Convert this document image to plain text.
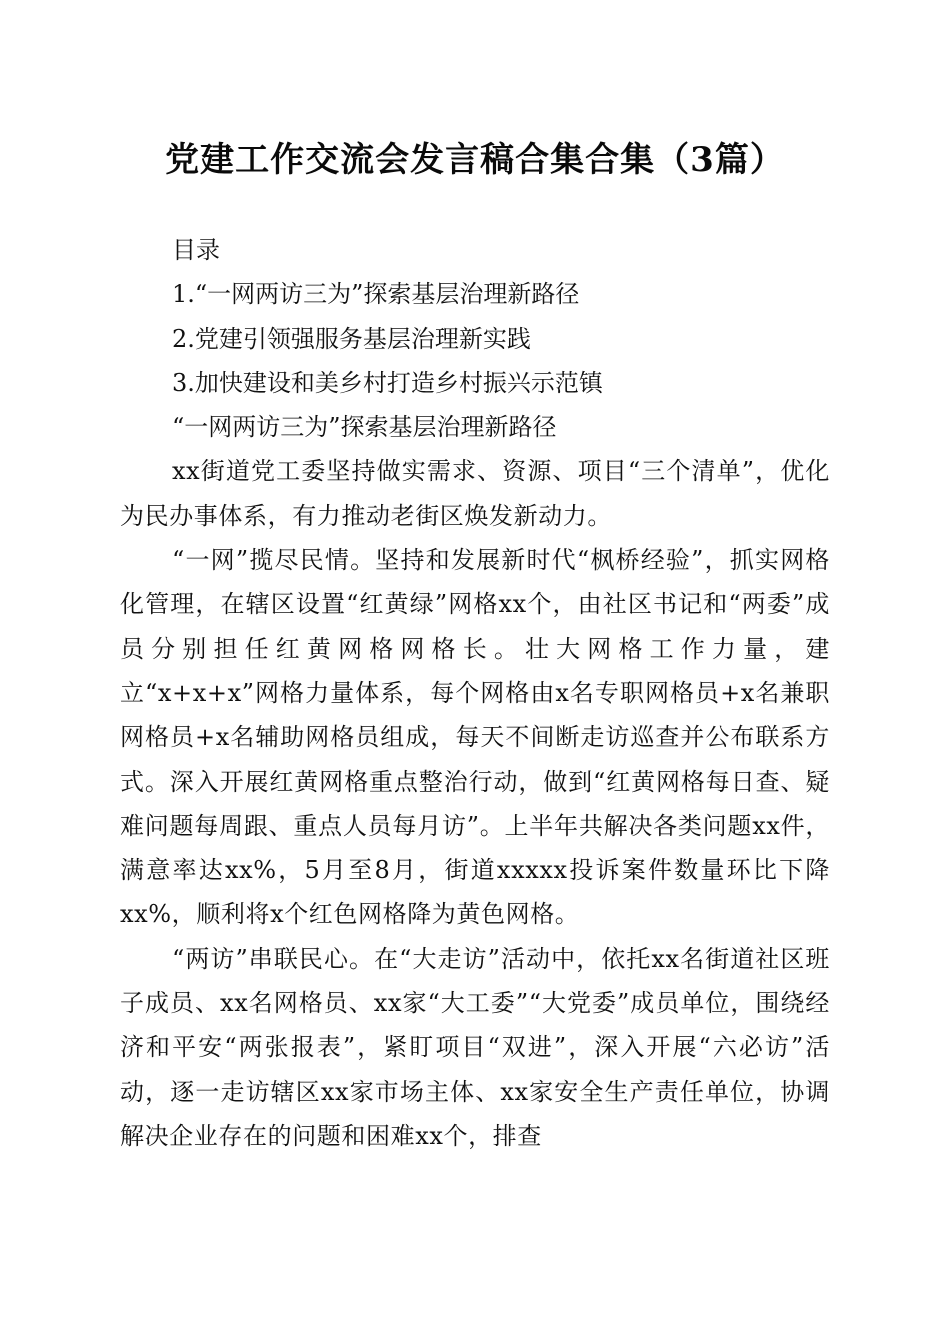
党建工作交流会发言稿合集合集（3篇）

目录

1.“一网两访三为”探索基层治理新路径

2.党建引领强服务基层治理新实践

3.加快建设和美乡村打造乡村振兴示范镇

“一网两访三为”探索基层治理新路径

xx街道党工委坚持做实需求、资源、项目“三个清单”，优化为民办事体系，有力推动老街区焕发新动力。

“一网”揽尽民情。坚持和发展新时代“枫桥经验”，抓实网格化管理，在辖区设置“红黄绿”网格xx个，由社区书记和“两委”成员分别担任红黄网格网格长。壮大网格工作力量，建立“x+x+x”网格力量体系，每个网格由x名专职网格员+x名兼职网格员+x名辅助网格员组成，每天不间断走访巡查并公布联系方式。深入开展红黄网格重点整治行动，做到“红黄网格每日查、疑难问题每周跟、重点人员每月访”。上半年共解决各类问题xx件，满意率达xx%，5月至8月，街道xxxxx投诉案件数量环比下降xx%，顺利将x个红色网格降为黄色网格。

“两访”串联民心。在“大走访”活动中，依托xx名街道社区班子成员、xx名网格员、xx家“大工委”“大党委”成员单位，围绕经济和平安“两张报表”，紧盯项目“双进”，深入开展“六必访”活动，逐一走访辖区xx家市场主体、xx家安全生产责任单位，协调解决企业存在的问题和困难xx个，排查
